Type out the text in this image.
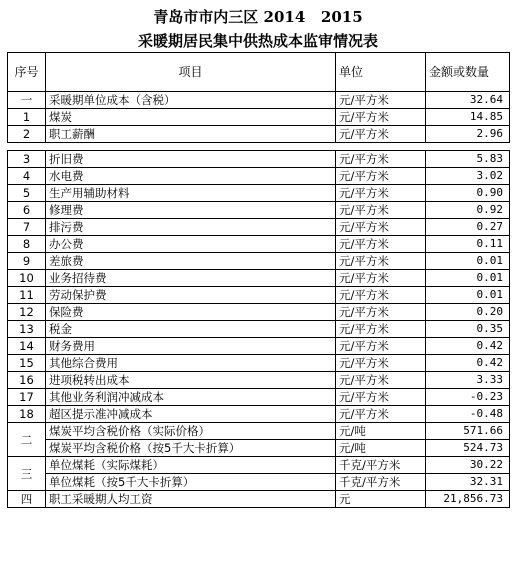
青岛市市内三区 2014   2015
采暖期居民集中供热成本监审情况表
序号	项目	单位	金额或数量
一	采暖期单位成本（含税）	元/平方米	32.64
1	煤炭	元/平方米	14.85
2	职工薪酬	元/平方米	2.96

3	折旧费	元/平方米	5.83
4	水电费	元/平方米	3.02
5	生产用辅助材料	元/平方米	0.90
6	修理费	元/平方米	0.92
7	排污费	元/平方米	0.27
8	办公费	元/平方米	0.11
9	差旅费	元/平方米	0.01
10	业务招待费	元/平方米	0.01
11	劳动保护费	元/平方米	0.01
12	保险费	元/平方米	0.20
13	税金	元/平方米	0.35
14	财务费用	元/平方米	0.42
15	其他综合费用	元/平方米	0.42
16	进项税转出成本	元/平方米	3.33
17	其他业务利润冲减成本	元/平方米	-0.23
18	超区提示准冲减成本	元/平方米	-0.48
二	煤炭平均含税价格（实际价格）	元/吨	571.66
	煤炭平均含税价格（按5千大卡折算）	元/吨	524.73
三	单位煤耗（实际煤耗）	千克/平方米	30.22
	单位煤耗（按5千大卡折算）	千克/平方米	32.31
四	职工采暖期人均工资	元	21,856.73
